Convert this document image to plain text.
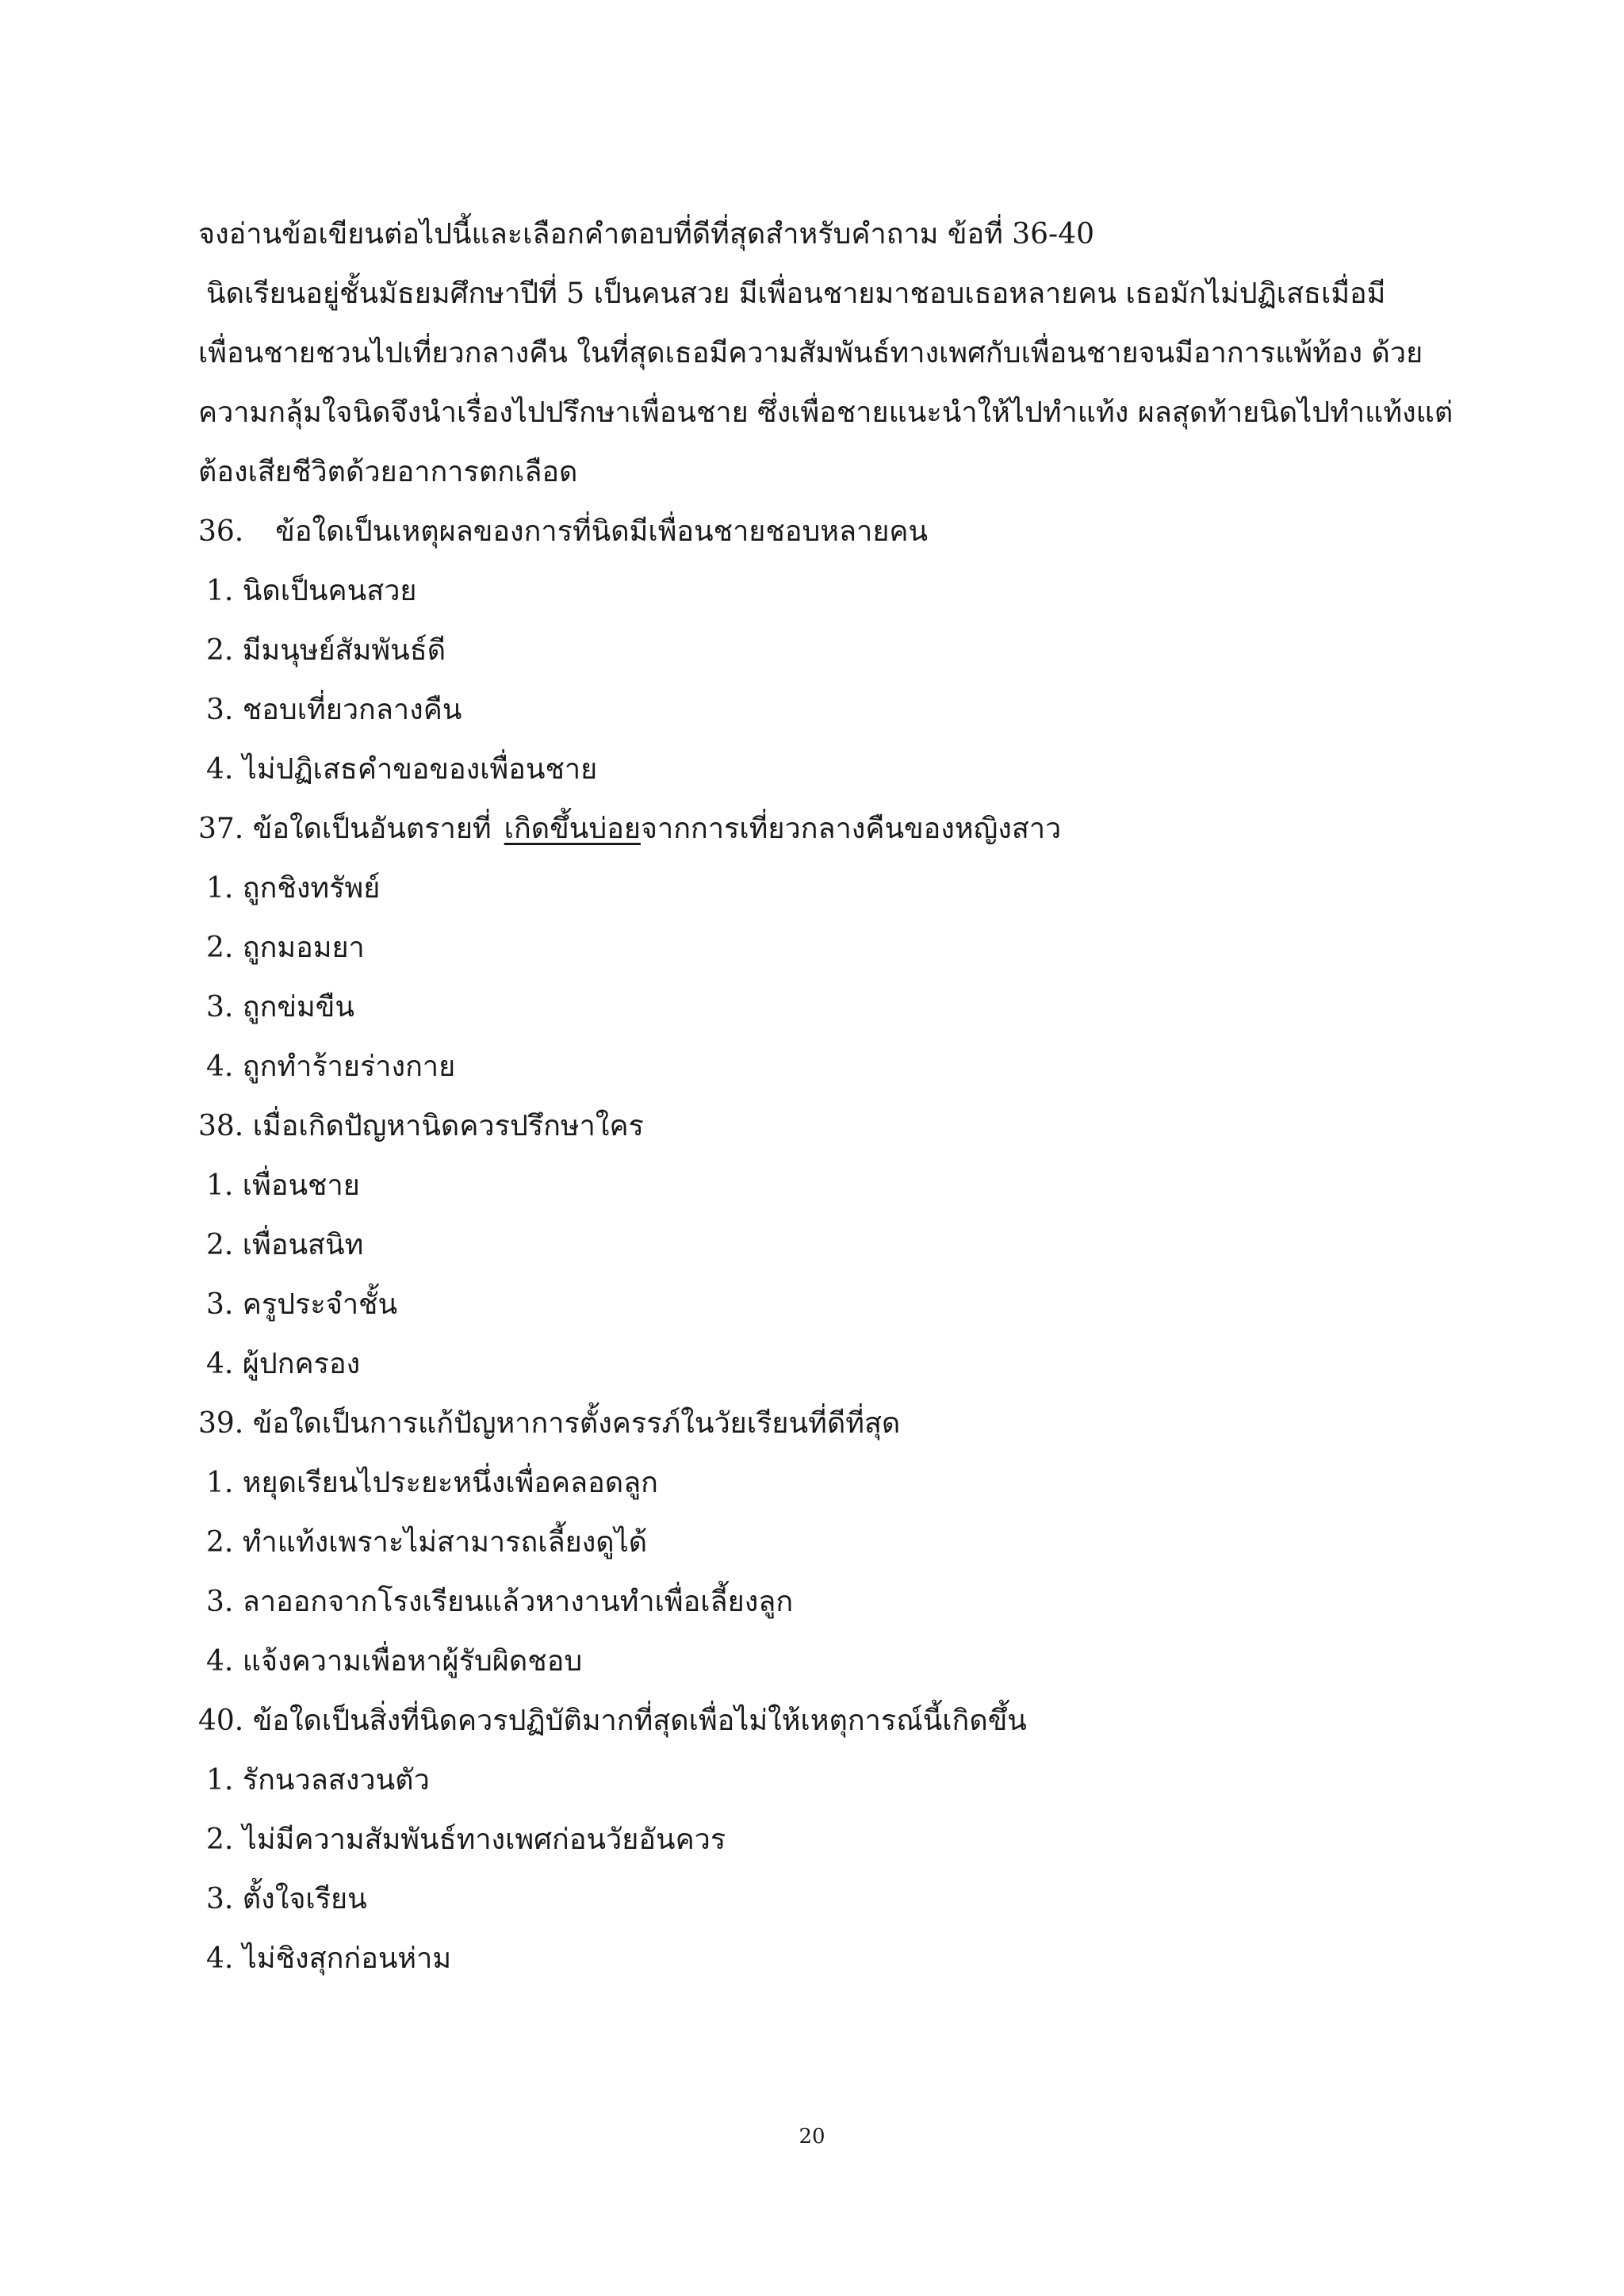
จงอ่านข้อเขียนต่อไปนี้และเลือกคำตอบที่ดีที่สุดสำหรับคำถาม ข้อที่ 36-40
นิดเรียนอยู่ชั้นมัธยมศึกษาปีที่ 5 เป็นคนสวย มีเพื่อนชายมาชอบเธอหลายคน เธอมักไม่ปฏิเสธเมื่อมี
เพื่อนชายชวนไปเที่ยวกลางคืน ในที่สุดเธอมีความสัมพันธ์ทางเพศกับเพื่อนชายจนมีอาการแพ้ท้อง ด้วย
ความกลุ้มใจนิดจึงนำเรื่องไปปรึกษาเพื่อนชาย ซึ่งเพื่อชายแนะนำให้ไปทำแท้ง ผลสุดท้ายนิดไปทำแท้งแต่
ต้องเสียชีวิตด้วยอาการตกเลือด
36. ข้อใดเป็นเหตุผลของการที่นิดมีเพื่อนชายชอบหลายคน
1. นิดเป็นคนสวย
2. มีมนุษย์สัมพันธ์ดี
3. ชอบเที่ยวกลางคืน
4. ไม่ปฏิเสธคำขอของเพื่อนชาย
37. ข้อใดเป็นอันตรายที่ เกิดขึ้นบ่อยจากการเที่ยวกลางคืนของหญิงสาว
1. ถูกชิงทรัพย์
2. ถูกมอมยา
3. ถูกข่มขืน
4. ถูกทำร้ายร่างกาย
38. เมื่อเกิดปัญหานิดควรปรึกษาใคร
1. เพื่อนชาย
2. เพื่อนสนิท
3. ครูประจำชั้น
4. ผู้ปกครอง
39. ข้อใดเป็นการแก้ปัญหาการตั้งครรภ์ในวัยเรียนที่ดีที่สุด
1. หยุดเรียนไประยะหนึ่งเพื่อคลอดลูก
2. ทำแท้งเพราะไม่สามารถเลี้ยงดูได้
3. ลาออกจากโรงเรียนแล้วหางานทำเพื่อเลี้ยงลูก
4. แจ้งความเพื่อหาผู้รับผิดชอบ
40. ข้อใดเป็นสิ่งที่นิดควรปฏิบัติมากที่สุดเพื่อไม่ให้เหตุการณ์นี้เกิดขึ้น
1. รักนวลสงวนตัว
2. ไม่มีความสัมพันธ์ทางเพศก่อนวัยอันควร
3. ตั้งใจเรียน
4. ไม่ชิงสุกก่อนห่าม
20
